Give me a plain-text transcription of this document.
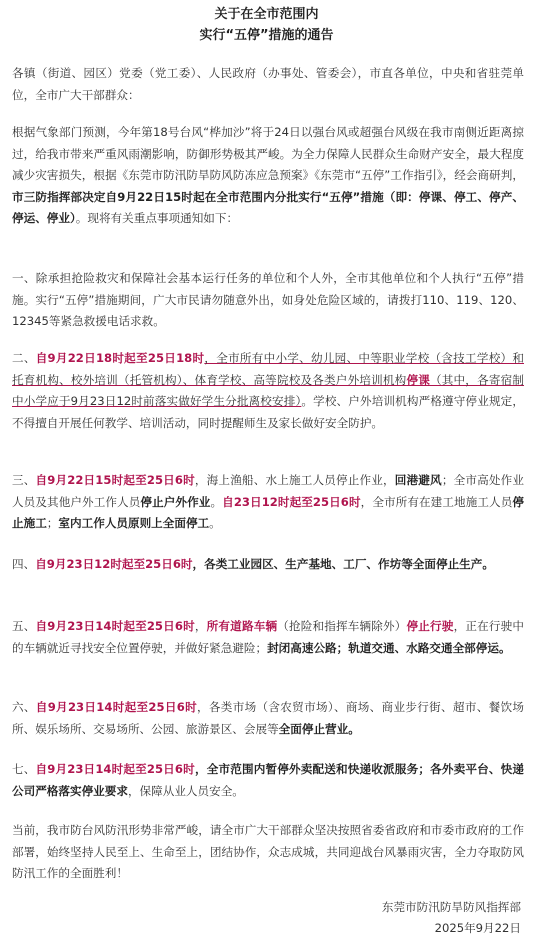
关于在全市范围内
实行“五停”措施的通告

各镇（街道、园区）党委（党工委）、人民政府（办事处、管委会），市直各单位，中央和省驻莞单位，全市广大干部群众：

根据气象部门预测，今年第18号台风“桦加沙”将于24日以强台风或超强台风级在我市南侧近距离掠过，给我市带来严重风雨潮影响，防御形势极其严峻。为全力保障人民群众生命财产安全，最大程度减少灾害损失，根据《东莞市防汛防旱防风防冻应急预案》《东莞市“五停”工作指引》，经会商研判，市三防指挥部决定自9月22日15时起在全市范围内分批实行“五停”措施（即：停课、停工、停产、停运、停业）。现将有关重点事项通知如下：

一、除承担抢险救灾和保障社会基本运行任务的单位和个人外，全市其他单位和个人执行“五停”措施。实行“五停”措施期间，广大市民请勿随意外出，如身处危险区域的，请拨打110、119、120、12345等紧急救援电话求救。

二、自9月22日18时起至25日18时，全市所有中小学、幼儿园、中等职业学校（含技工学校）和托育机构、校外培训（托管机构）、体育学校、高等院校及各类户外培训机构停课（其中，各寄宿制中小学应于9月23日12时前落实做好学生分批离校安排）。学校、户外培训机构严格遵守停业规定，不得擅自开展任何教学、培训活动，同时提醒师生及家长做好安全防护。

三、自9月22日15时起至25日6时，海上渔船、水上施工人员停止作业，回港避风；全市高处作业人员及其他户外工作人员停止户外作业。自23日12时起至25日6时，全市所有在建工地施工人员停止施工；室内工作人员原则上全面停工。

四、自9月23日12时起至25日6时，各类工业园区、生产基地、工厂、作坊等全面停止生产。

五、自9月23日14时起至25日6时，所有道路车辆（抢险和指挥车辆除外）停止行驶，正在行驶中的车辆就近寻找安全位置停驶，并做好紧急避险；封闭高速公路；轨道交通、水路交通全部停运。

六、自9月23日14时起至25日6时，各类市场（含农贸市场）、商场、商业步行街、超市、餐饮场所、娱乐场所、交易场所、公园、旅游景区、会展等全面停止营业。

七、自9月23日14时起至25日6时，全市范围内暂停外卖配送和快递收派服务；各外卖平台、快递公司严格落实停业要求，保障从业人员安全。

当前，我市防台风防汛形势非常严峻，请全市广大干部群众坚决按照省委省政府和市委市政府的工作部署，始终坚持人民至上、生命至上，团结协作，众志成城，共同迎战台风暴雨灾害，全力夺取防风防汛工作的全面胜利！

东莞市防汛防旱防风指挥部
2025年9月22日
